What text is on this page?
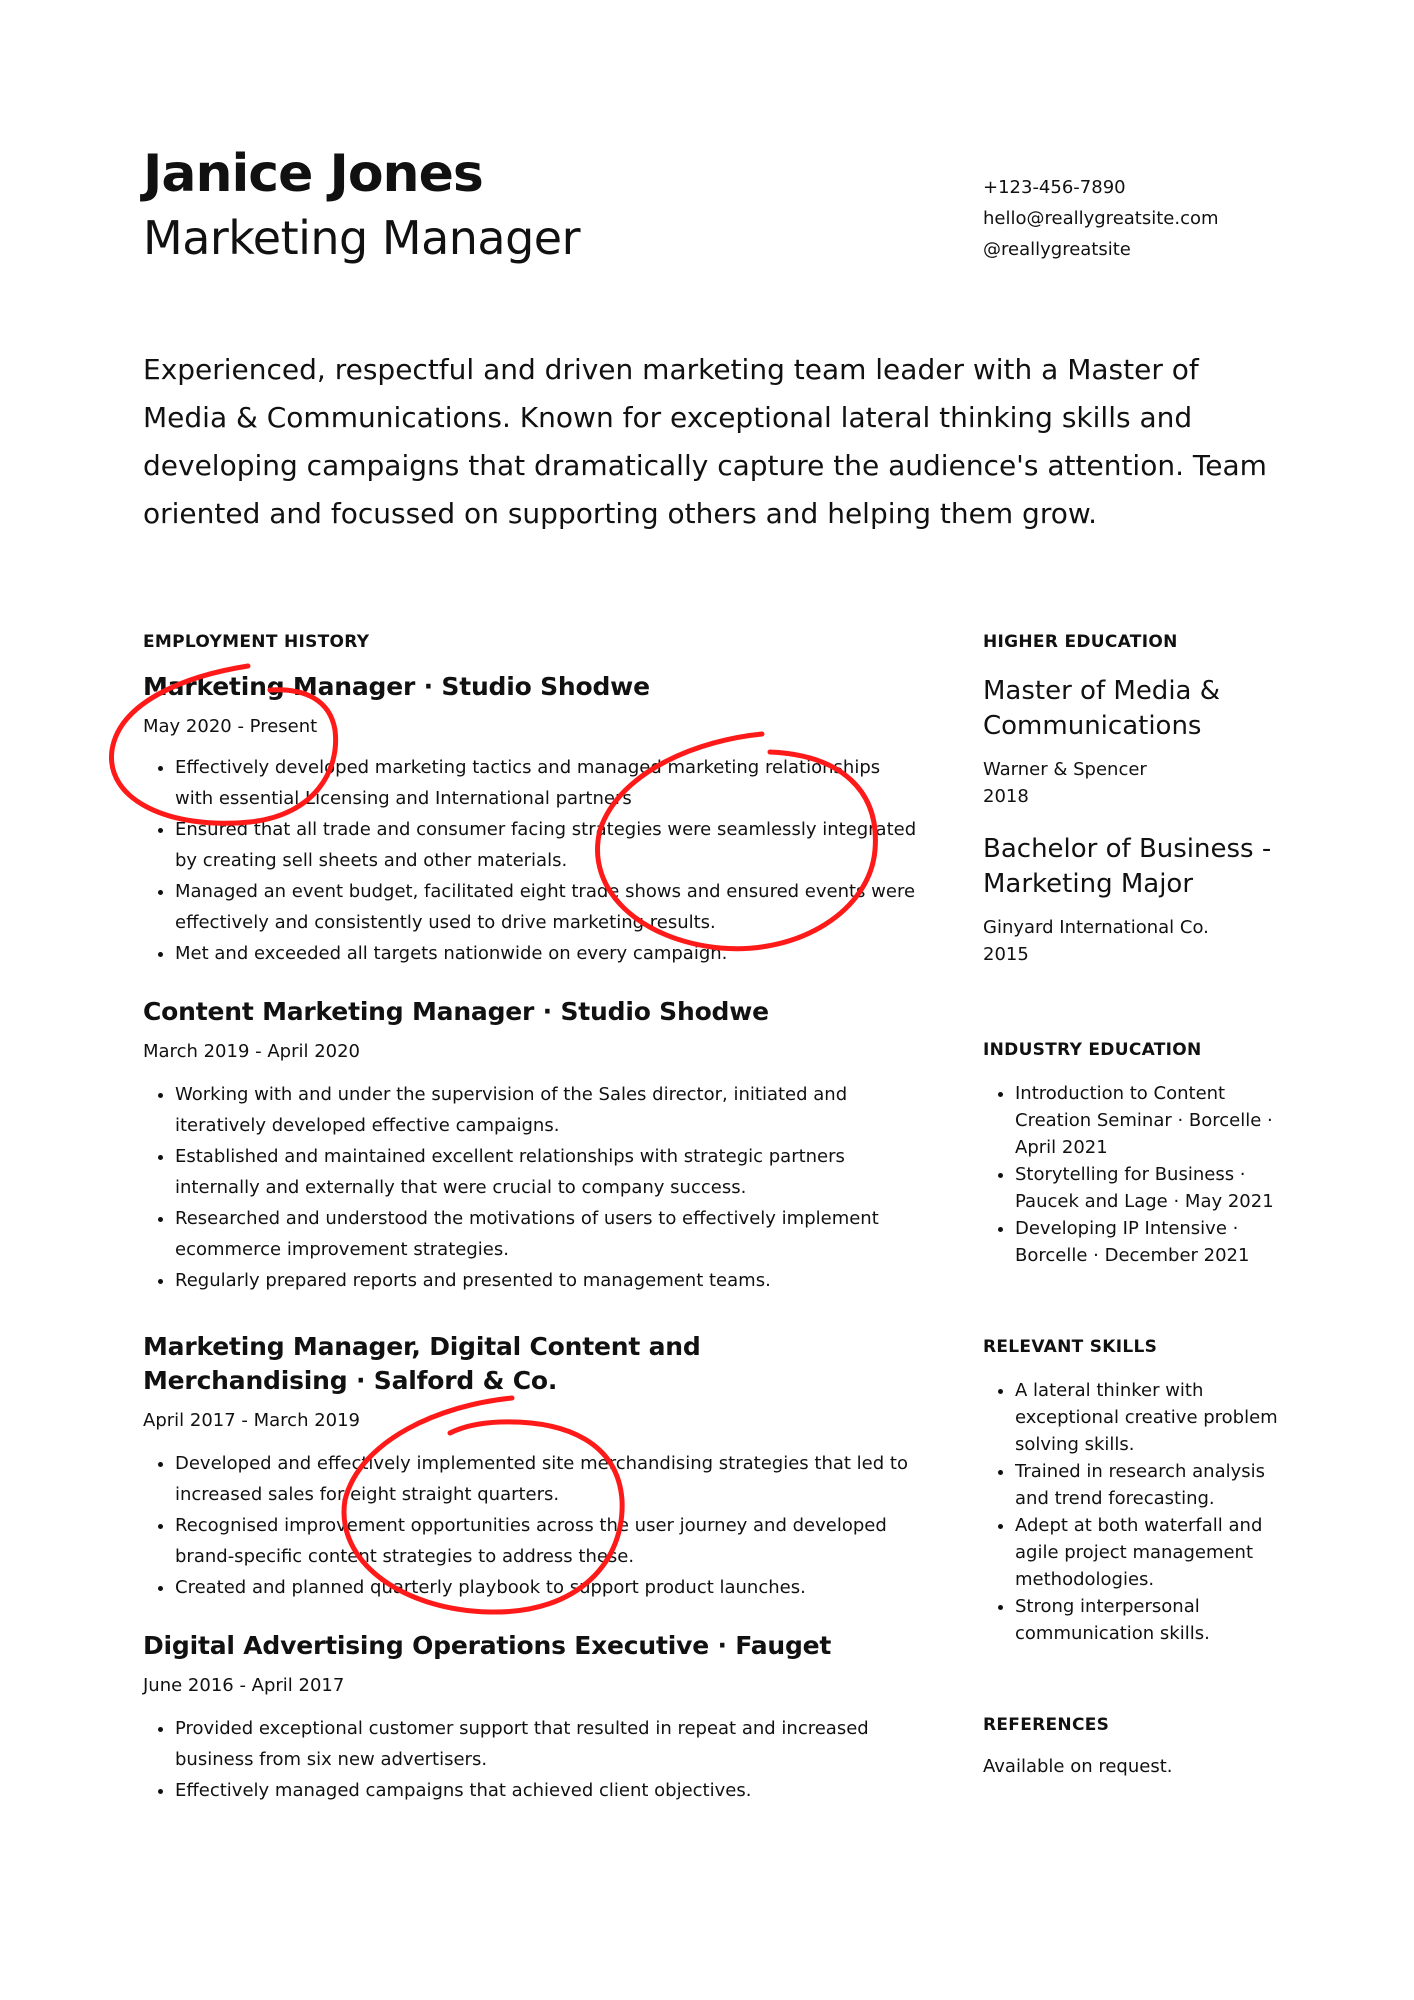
Janice Jones
Marketing Manager
+123-456-7890
hello@reallygreatsite.com
@reallygreatsite

Experienced, respectful and driven marketing team leader with a Master of Media & Communications. Known for exceptional lateral thinking skills and developing campaigns that dramatically capture the audience's attention. Team oriented and focussed on supporting others and helping them grow.

EMPLOYMENT HISTORY
Marketing Manager · Studio Shodwe
May 2020 - Present
• Effectively developed marketing tactics and managed marketing relationships with essential Licensing and International partners
• Ensured that all trade and consumer facing strategies were seamlessly integrated by creating sell sheets and other materials.
• Managed an event budget, facilitated eight trade shows and ensured events were effectively and consistently used to drive marketing results.
• Met and exceeded all targets nationwide on every campaign.
Content Marketing Manager · Studio Shodwe
March 2019 - April 2020
• Working with and under the supervision of the Sales director, initiated and iteratively developed effective campaigns.
• Established and maintained excellent relationships with strategic partners internally and externally that were crucial to company success.
• Researched and understood the motivations of users to effectively implement ecommerce improvement strategies.
• Regularly prepared reports and presented to management teams.
Marketing Manager, Digital Content and Merchandising · Salford & Co.
April 2017 - March 2019
• Developed and effectively implemented site merchandising strategies that led to increased sales for eight straight quarters.
• Recognised improvement opportunities across the user journey and developed brand-specific content strategies to address these.
• Created and planned quarterly playbook to support product launches.
Digital Advertising Operations Executive · Fauget
June 2016 - April 2017
• Provided exceptional customer support that resulted in repeat and increased business from six new advertisers.
• Effectively managed campaigns that achieved client objectives.
HIGHER EDUCATION
Master of Media & Communications
Warner & Spencer
2018
Bachelor of Business - Marketing Major
Ginyard International Co.
2015
INDUSTRY EDUCATION
• Introduction to Content Creation Seminar · Borcelle · April 2021
• Storytelling for Business · Paucek and Lage · May 2021
• Developing IP Intensive · Borcelle · December 2021
RELEVANT SKILLS
• A lateral thinker with exceptional creative problem solving skills.
• Trained in research analysis and trend forecasting.
• Adept at both waterfall and agile project management methodologies.
• Strong interpersonal communication skills.
REFERENCES
Available on request.
